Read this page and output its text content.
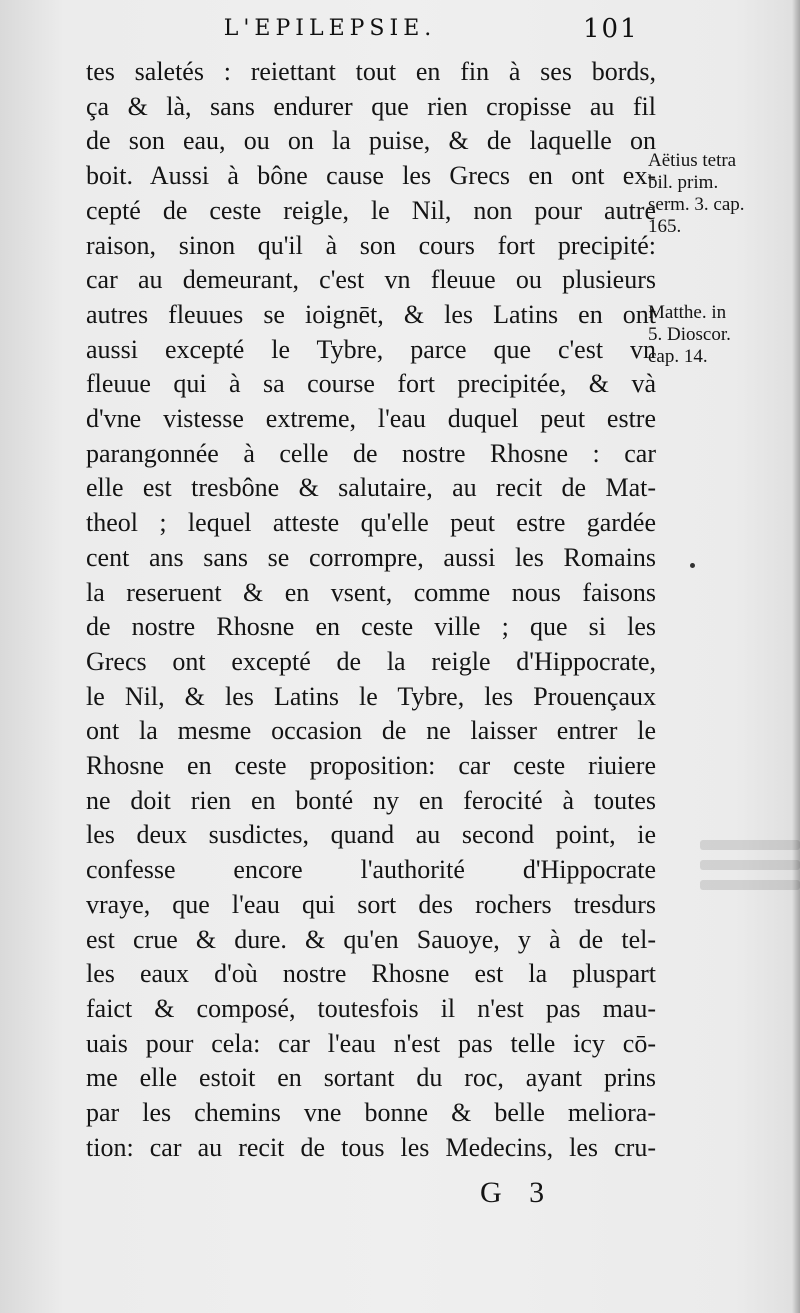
L'EPILEPSIE.	101
tes saletés : reiettant tout en fin à ses bords,
ça & là, sans endurer que rien cropisse au fil
de son eau, ou on la puise, & de laquelle on
boit. Aussi à bône cause les Grecs en ont ex-
cepté de ceste reigle, le Nil, non pour autre
raison, sinon qu'il à son cours fort precipité:
car au demeurant, c'est vn fleuue ou plusieurs
autres fleuues se ioignēt, & les Latins en ont
aussi excepté le Tybre, parce que c'est vn
fleuue qui à sa course fort precipitée, & và
d'vne vistesse extreme, l'eau duquel peut estre
parangonnée à celle de nostre Rhosne : car
elle est tresbône & salutaire, au recit de Mat-
theol ; lequel atteste qu'elle peut estre gardée
cent ans sans se corrompre, aussi les Romains
la reseruent & en vsent, comme nous faisons
de nostre Rhosne en ceste ville ; que si les
Grecs ont excepté de la reigle d'Hippocrate,
le Nil, & les Latins le Tybre, les Prouençaux
ont la mesme occasion de ne laisser entrer le
Rhosne en ceste proposition: car ceste riuiere
ne doit rien en bonté ny en ferocité à toutes
les deux susdictes, quand au second point, ie
confesse encore l'authorité d'Hippocrate
vraye, que l'eau qui sort des rochers tresdurs
est crue & dure. & qu'en Sauoye, y à de tel-
les eaux d'où nostre Rhosne est la pluspart
faict & composé, toutesfois il n'est pas mau-
uais pour cela: car l'eau n'est pas telle icy cō-
me elle estoit en sortant du roc, ayant prins
par les chemins vne bonne & belle meliora-
tion: car au recit de tous les Medecins, les cru-
Aëtius tetra
bil. prim.
serm. 3. cap.
165.
Matthe. in
5. Dioscor.
cap. 14.
G 3
